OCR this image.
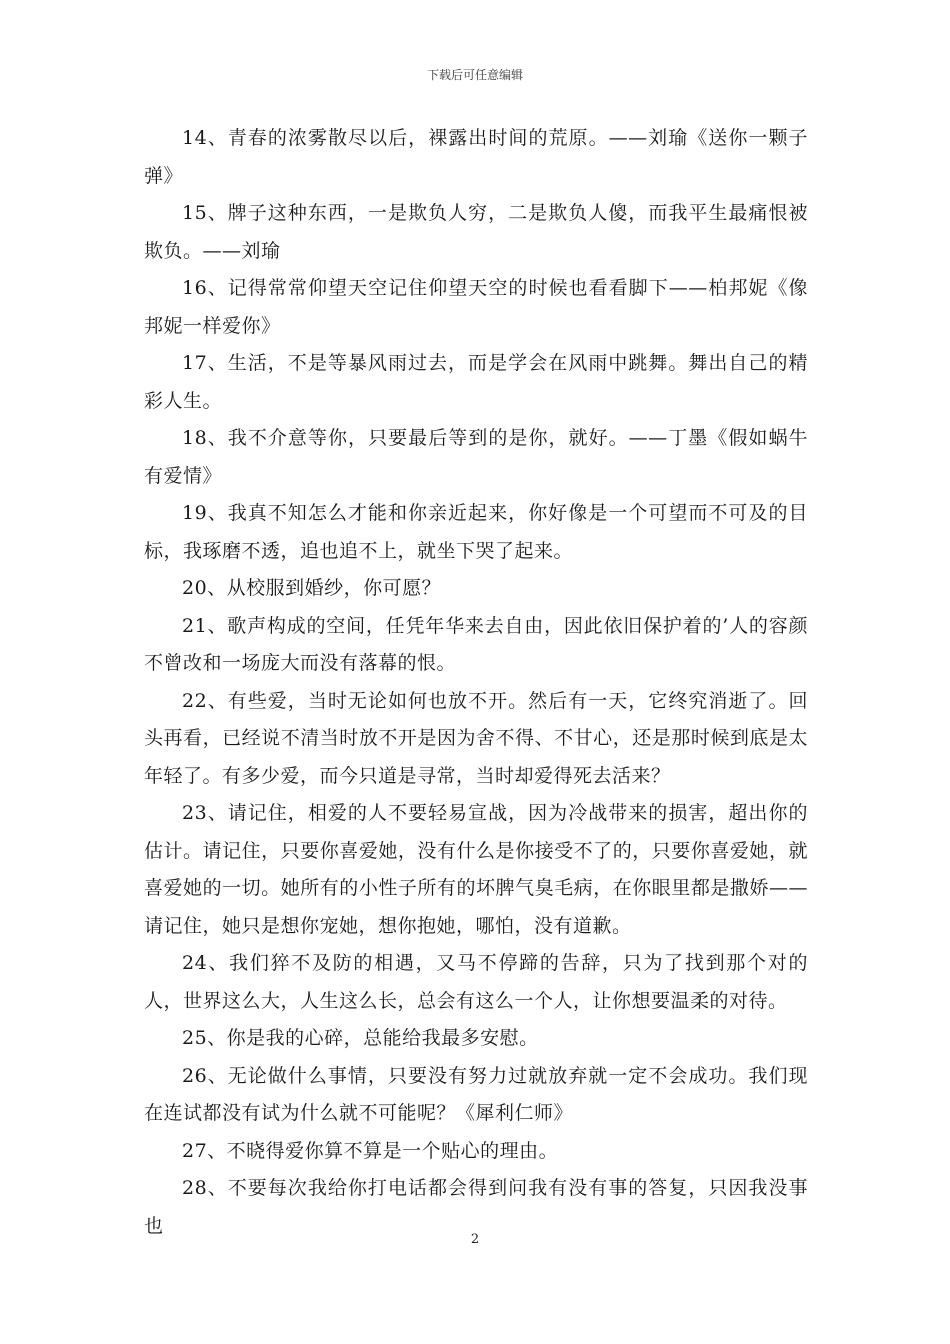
下载后可任意编辑

14、青春的浓雾散尽以后，裸露出时间的荒原。——刘瑜《送你一颗子弹》

15、牌子这种东西，一是欺负人穷，二是欺负人傻，而我平生最痛恨被欺负。——刘瑜

16、记得常常仰望天空记住仰望天空的时候也看看脚下——柏邦妮《像邦妮一样爱你》

17、生活，不是等暴风雨过去，而是学会在风雨中跳舞。舞出自己的精彩人生。

18、我不介意等你，只要最后等到的是你，就好。——丁墨《假如蜗牛有爱情》

19、我真不知怎么才能和你亲近起来，你好像是一个可望而不可及的目标，我琢磨不透，追也追不上，就坐下哭了起来。

20、从校服到婚纱，你可愿？

21、歌声构成的空间，任凭年华来去自由，因此依旧保护着的’人的容颜不曾改和一场庞大而没有落幕的恨。

22、有些爱，当时无论如何也放不开。然后有一天，它终究消逝了。回头再看，已经说不清当时放不开是因为舍不得、不甘心，还是那时候到底是太年轻了。有多少爱，而今只道是寻常，当时却爱得死去活来？

23、请记住，相爱的人不要轻易宣战，因为冷战带来的损害，超出你的估计。请记住，只要你喜爱她，没有什么是你接受不了的，只要你喜爱她，就喜爱她的一切。她所有的小性子所有的坏脾气臭毛病，在你眼里都是撒娇——请记住，她只是想你宠她，想你抱她，哪怕，没有道歉。

24、我们猝不及防的相遇，又马不停蹄的告辞，只为了找到那个对的人，世界这么大，人生这么长，总会有这么一个人，让你想要温柔的对待。

25、你是我的心碎，总能给我最多安慰。

26、无论做什么事情，只要没有努力过就放弃就一定不会成功。我们现在连试都没有试为什么就不可能呢？《犀利仁师》

27、不晓得爱你算不算是一个贴心的理由。

28、不要每次我给你打电话都会得到问我有没有事的答复，只因我没事也

2
